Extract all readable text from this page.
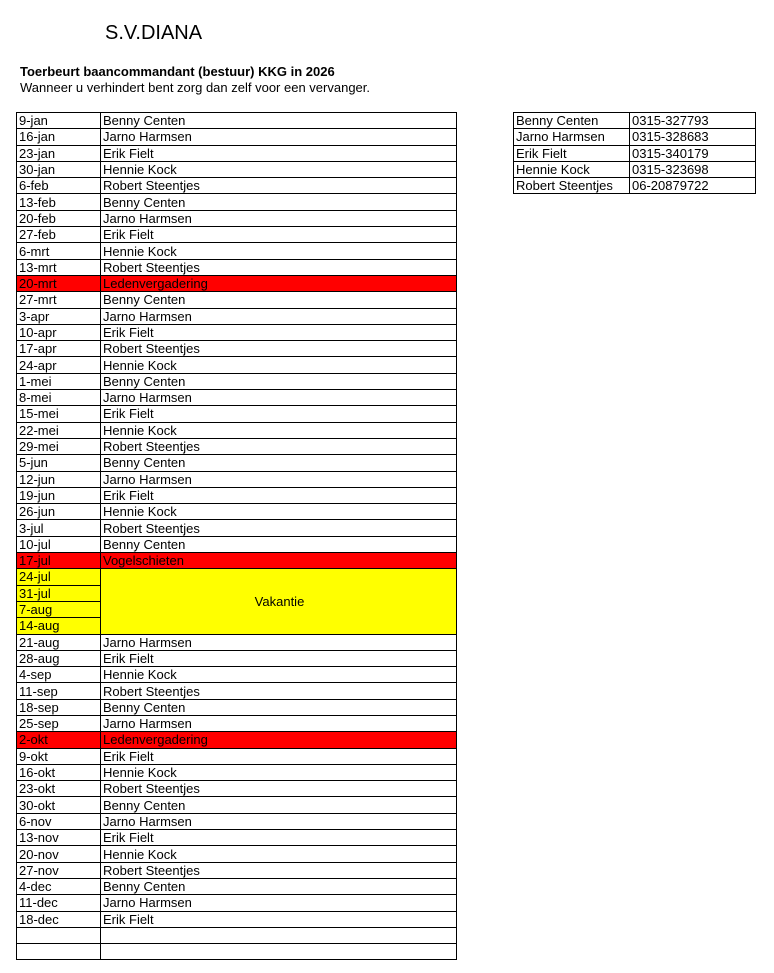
S.V.DIANA
Toerbeurt baancommandant (bestuur) KKG in 2026
Wanneer u verhindert bent zorg dan zelf voor een vervanger.
9-jan	Benny Centen
16-jan	Jarno Harmsen
23-jan	Erik Fielt
30-jan	Hennie Kock
6-feb	Robert Steentjes
13-feb	Benny Centen
20-feb	Jarno Harmsen
27-feb	Erik Fielt
6-mrt	Hennie Kock
13-mrt	Robert Steentjes
20-mrt	Ledenvergadering
27-mrt	Benny Centen
3-apr	Jarno Harmsen
10-apr	Erik Fielt
17-apr	Robert Steentjes
24-apr	Hennie Kock
1-mei	Benny Centen
8-mei	Jarno Harmsen
15-mei	Erik Fielt
22-mei	Hennie Kock
29-mei	Robert Steentjes
5-jun	Benny Centen
12-jun	Jarno Harmsen
19-jun	Erik Fielt
26-jun	Hennie Kock
3-jul	Robert Steentjes
10-jul	Benny Centen
17-jul	Vogelschieten
24-jul	Vakantie
31-jul	
7-aug	
14-aug	
21-aug	Jarno Harmsen
28-aug	Erik Fielt
4-sep	Hennie Kock
11-sep	Robert Steentjes
18-sep	Benny Centen
25-sep	Jarno Harmsen
2-okt	Ledenvergadering
9-okt	Erik Fielt
16-okt	Hennie Kock
23-okt	Robert Steentjes
30-okt	Benny Centen
6-nov	Jarno Harmsen
13-nov	Erik Fielt
20-nov	Hennie Kock
27-nov	Robert Steentjes
4-dec	Benny Centen
11-dec	Jarno Harmsen
18-dec	Erik Fielt

Benny Centen	0315-327793
Jarno Harmsen	0315-328683
Erik Fielt	0315-340179
Hennie Kock	0315-323698
Robert Steentjes	06-20879722
